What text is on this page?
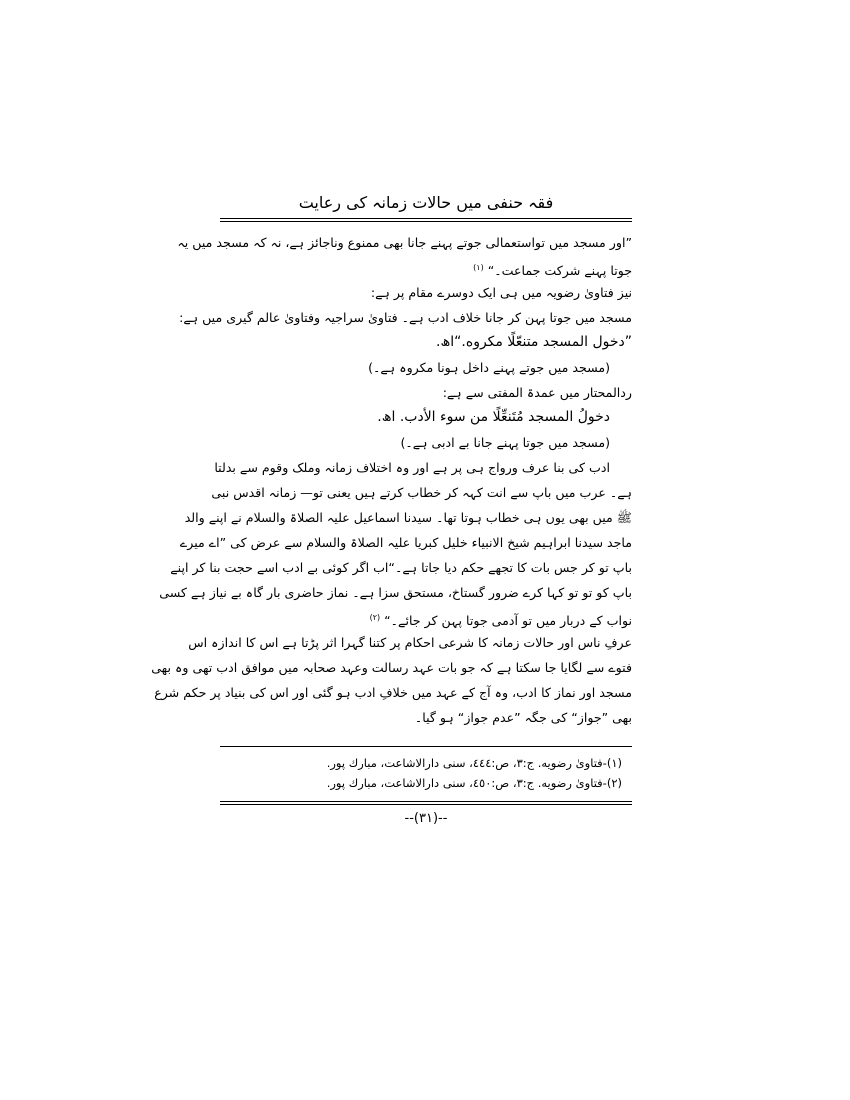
فقہ حنفی میں حالات زمانہ کی رعایت

”اور مسجد میں تواستعمالی جوتے پہنے جانا بھی ممنوع وناجائز ہے، نہ کہ مسجد میں یہ

جوتا پہنے شرکت جماعت۔“ $^{(۱)}$

نیز فتاویٰ رضویہ میں ہی ایک دوسرے مقام پر ہے:

مسجد میں جوتا پہن کر جانا خلاف ادب ہے۔ فتاویٰ سراجیہ وفتاویٰ عالم گیری میں ہے:

”دخول المسجد متنعّلًا مكروه.“اھ.

(مسجد میں جوتے پہنے داخل ہونا مکروہ ہے۔)

ردالمحتار میں عمدۃ المفتی سے ہے:

دخولُ المسجد مُتَنعِّلًا من سوء الأدب. اھ.

(مسجد میں جوتا پہنے جانا بے ادبی ہے۔)

ادب کی بنا عرف ورواج ہی پر ہے اور وہ اختلاف زمانہ وملک وقوم سے بدلتا

ہے۔ عرب میں باپ سے انت کہہ کر خطاب کرتے ہیں یعنی تو— زمانہ اقدس نبی

ﷺ میں بھی یوں ہی خطاب ہوتا تھا۔ سیدنا اسماعیل علیہ الصلاۃ والسلام نے اپنے والد

ماجد سیدنا ابراہیم شیخ الانبیاء خلیل کبریا علیہ الصلاۃ والسلام سے عرض کی ”اے میرے

باپ تو کر جس بات کا تجھے حکم دیا جاتا ہے۔“اب اگر کوئی بے ادب اسے حجت بنا کر اپنے

باپ کو تو تو کہا کرے ضرور گستاخ، مستحق سزا ہے۔ نماز حاضری بار گاہ بے نیاز ہے کسی

نواب کے دربار میں تو آدمی جوتا پہن کر جائے۔“ $^{(۲)}$

عرفِ ناس اور حالات زمانہ کا شرعی احکام پر کتنا گہرا اثر پڑتا ہے اس کا اندازہ اس

فتوے سے لگایا جا سکتا ہے کہ جو بات عہد رسالت وعہد صحابہ میں موافق ادب تھی وہ بھی

مسجد اور نماز کا ادب، وہ آج کے عہد میں خلافِ ادب ہو گئی اور اس کی بنیاد پر حکم شرع

بھی ”جواز“ کی جگہ ”عدم جواز“ ہو گیا۔

(۱)-فتاویٰ رضويه. ج:۳، ص:٤٤٤، سنی دارالاشاعت، مبارك پور.

(۲)-فتاویٰ رضويه. ج:۳، ص:٤٥٠، سنی دارالاشاعت، مبارك پور.

--(۳۱)--
